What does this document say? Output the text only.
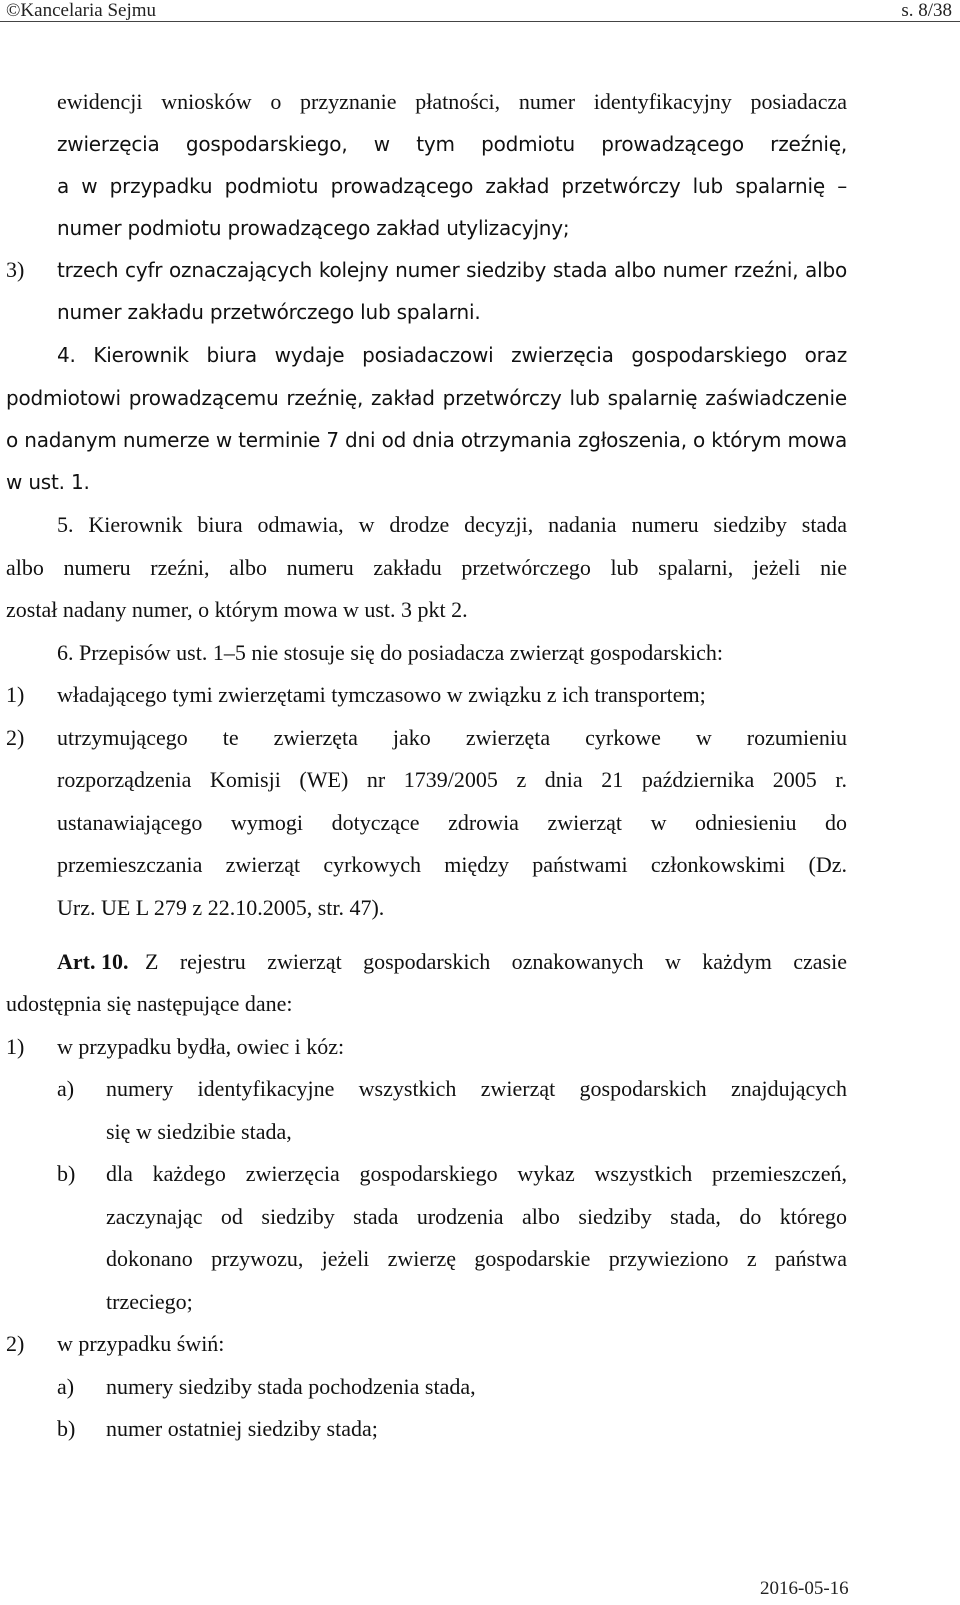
©Kancelaria Sejmu	s. 8/38
ewidencji wniosków o przyznanie płatności, numer identyfikacyjny posiadacza
zwierzęcia gospodarskiego, w tym podmiotu prowadzącego rzeźnię,
a w przypadku podmiotu prowadzącego zakład przetwórczy lub spalarnię –
numer podmiotu prowadzącego zakład utylizacyjny;
3) trzech cyfr oznaczających kolejny numer siedziby stada albo numer rzeźni, albo
numer zakładu przetwórczego lub spalarni.
4. Kierownik biura wydaje posiadaczowi zwierzęcia gospodarskiego oraz
podmiotowi prowadzącemu rzeźnię, zakład przetwórczy lub spalarnię zaświadczenie
o nadanym numerze w terminie 7 dni od dnia otrzymania zgłoszenia, o którym mowa
w ust. 1.
5. Kierownik biura odmawia, w drodze decyzji, nadania numeru siedziby stada
albo numeru rzeźni, albo numeru zakładu przetwórczego lub spalarni, jeżeli nie
został nadany numer, o którym mowa w ust. 3 pkt 2.
6. Przepisów ust. 1–5 nie stosuje się do posiadacza zwierząt gospodarskich:
1) władającego tymi zwierzętami tymczasowo w związku z ich transportem;
2) utrzymującego te zwierzęta jako zwierzęta cyrkowe w rozumieniu
rozporządzenia Komisji (WE) nr 1739/2005 z dnia 21 października 2005 r.
ustanawiającego wymogi dotyczące zdrowia zwierząt w odniesieniu do
przemieszczania zwierząt cyrkowych między państwami członkowskimi (Dz.
Urz. UE L 279 z 22.10.2005, str. 47).
Art. 10. Z rejestru zwierząt gospodarskich oznakowanych w każdym czasie
udostępnia się następujące dane:
1) w przypadku bydła, owiec i kóz:
a) numery identyfikacyjne wszystkich zwierząt gospodarskich znajdujących
się w siedzibie stada,
b) dla każdego zwierzęcia gospodarskiego wykaz wszystkich przemieszczeń,
zaczynając od siedziby stada urodzenia albo siedziby stada, do którego
dokonano przywozu, jeżeli zwierzę gospodarskie przywieziono z państwa
trzeciego;
2) w przypadku świń:
a) numery siedziby stada pochodzenia stada,
b) numer ostatniej siedziby stada;
2016-05-16
